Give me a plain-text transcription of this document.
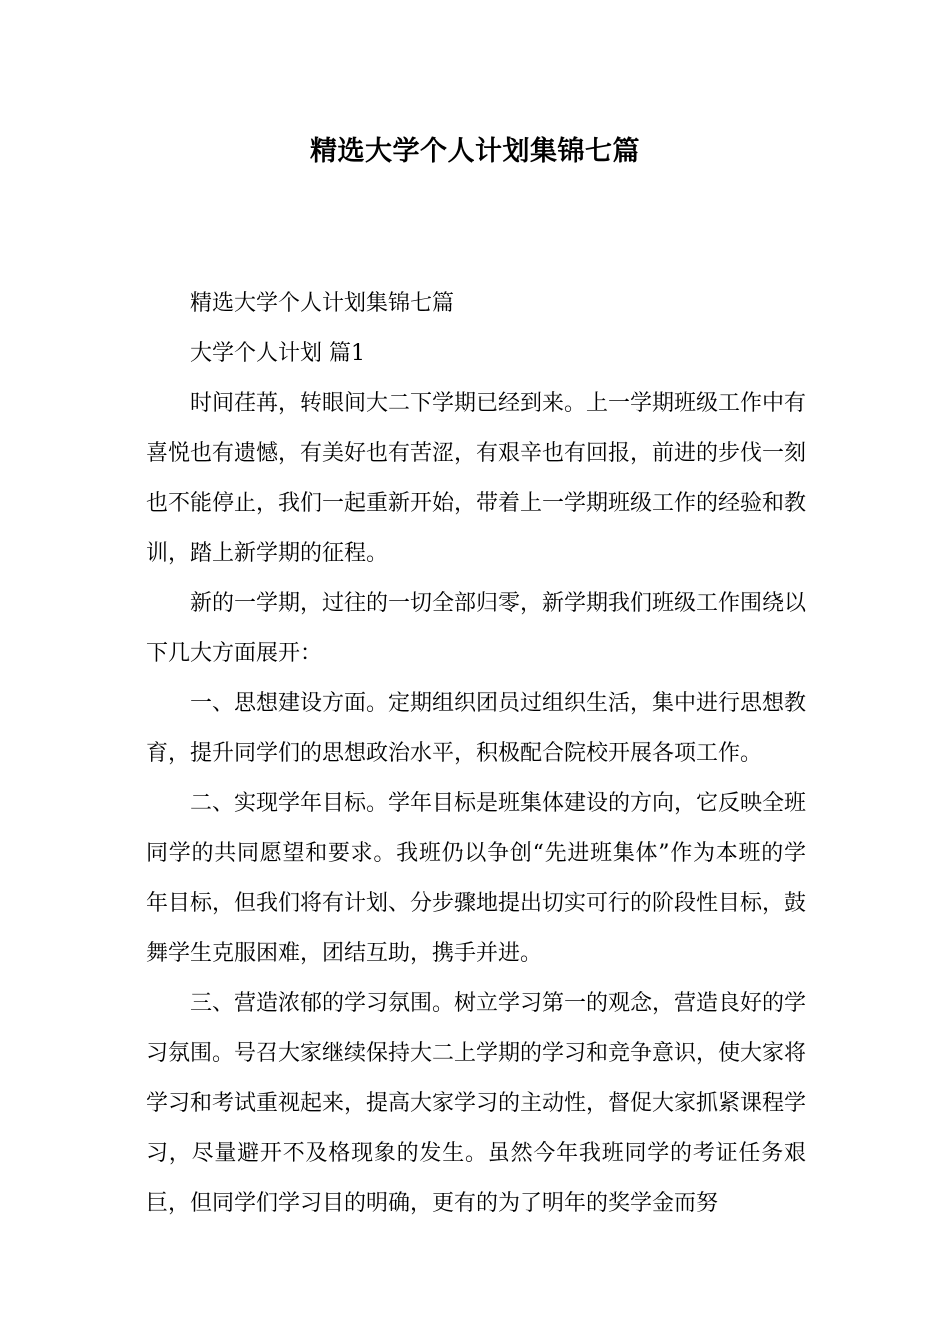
精选大学个人计划集锦七篇

精选大学个人计划集锦七篇

大学个人计划 篇1

时间荏苒，转眼间大二下学期已经到来。上一学期班级工作中有喜悦也有遗憾，有美好也有苦涩，有艰辛也有回报，前进的步伐一刻也不能停止，我们一起重新开始，带着上一学期班级工作的经验和教训，踏上新学期的征程。

新的一学期，过往的一切全部归零，新学期我们班级工作围绕以下几大方面展开：

一、思想建设方面。定期组织团员过组织生活，集中进行思想教育，提升同学们的思想政治水平，积极配合院校开展各项工作。

二、实现学年目标。学年目标是班集体建设的方向，它反映全班同学的共同愿望和要求。我班仍以争创“先进班集体”作为本班的学年目标，但我们将有计划、分步骤地提出切实可行的阶段性目标，鼓舞学生克服困难，团结互助，携手并进。

三、营造浓郁的学习氛围。树立学习第一的观念，营造良好的学习氛围。号召大家继续保持大二上学期的学习和竞争意识，使大家将学习和考试重视起来，提高大家学习的主动性，督促大家抓紧课程学习，尽量避开不及格现象的发生。虽然今年我班同学的考证任务艰巨，但同学们学习目的明确，更有的为了明年的奖学金而努
